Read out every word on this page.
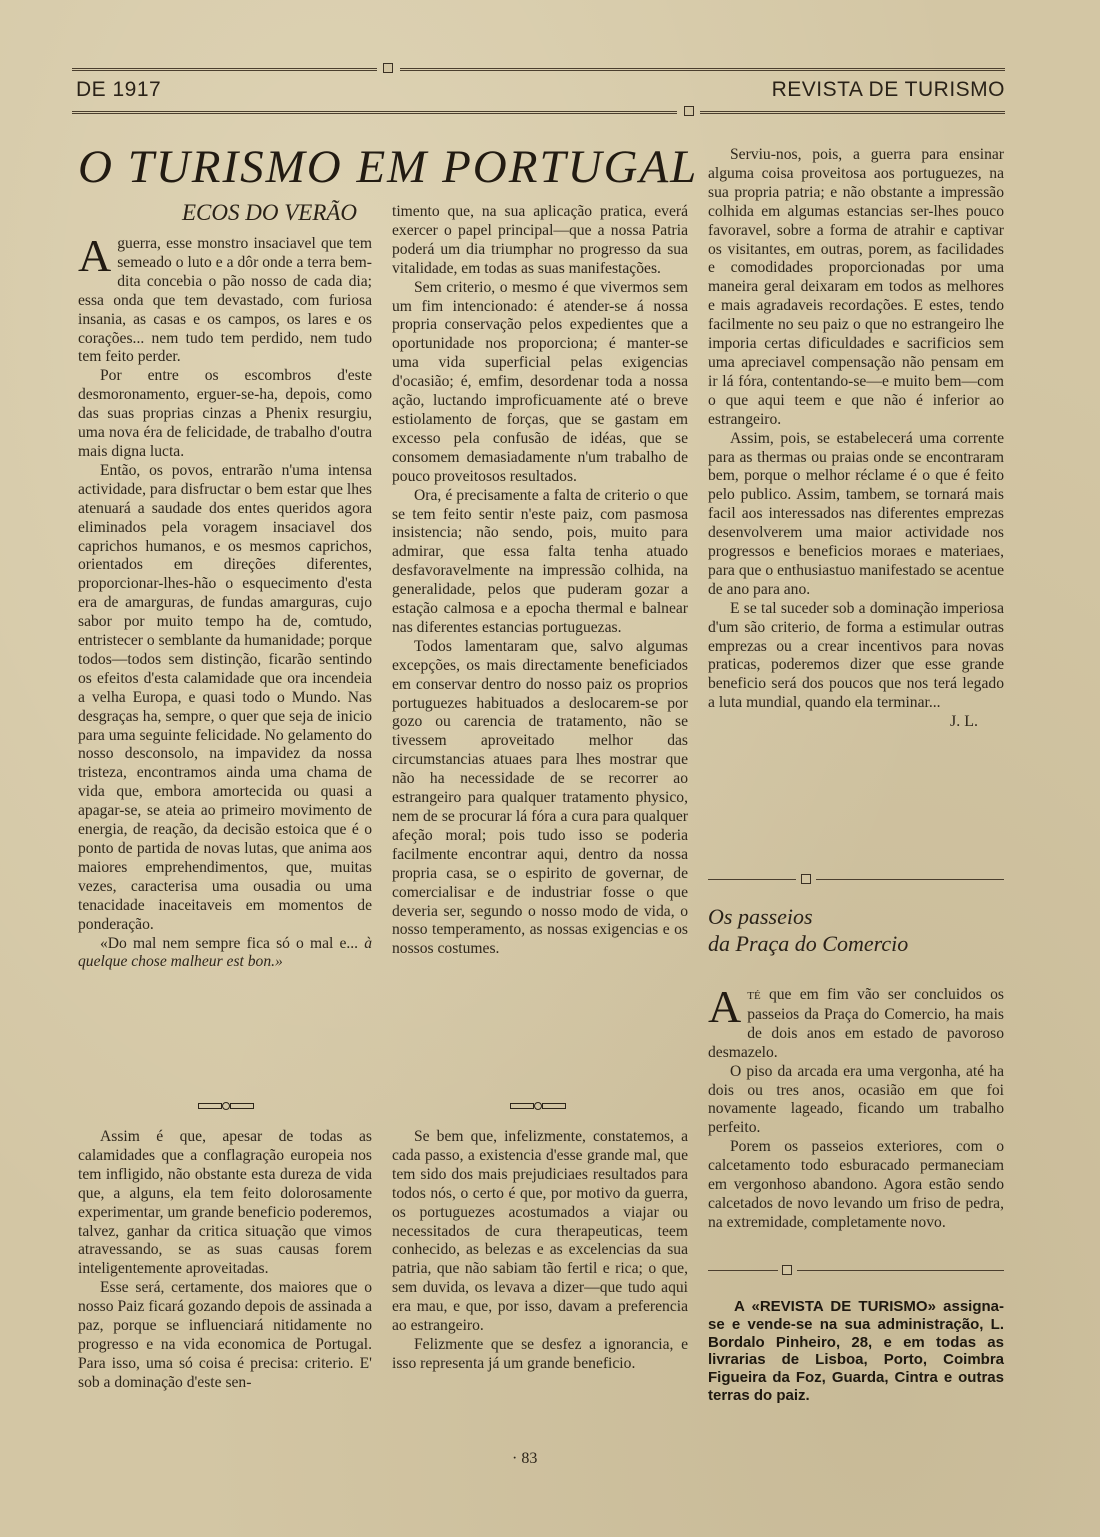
DE 1917	REVISTA DE TURISMO
O TURISMO EM PORTUGAL
ECOS DO VERÃO

Aguerra, esse monstro insaciavel que tem semeado o luto e a dôr onde a terra bem-dita concebia o pão nosso de cada dia; essa onda que tem devastado, com furiosa insania, as casas e os campos, os lares e os corações... nem tudo tem perdido, nem tudo tem feito perder.

Por entre os escombros d'este desmoronamento, erguer-se-ha, depois, como das suas proprias cinzas a Phenix resurgiu, uma nova éra de felicidade, de trabalho d'outra mais digna lucta.

Então, os povos, entrarão n'uma intensa actividade, para disfructar o bem estar que lhes atenuará a saudade dos entes queridos agora eliminados pela voragem insaciavel dos caprichos humanos, e os mesmos caprichos, orientados em direções diferentes, proporcionar-lhes-hão o esquecimento d'esta era de amarguras, de fundas amarguras, cujo sabor por muito tempo ha de, comtudo, entristecer o semblante da humanidade; porque todos—todos sem distinção, ficarão sentindo os efeitos d'esta calamidade que ora incendeia a velha Europa, e quasi todo o Mundo. Nas desgraças ha, sempre, o quer que seja de inicio para uma seguinte felicidade. No gelamento do nosso desconsolo, na impavidez da nossa tristeza, encontramos ainda uma chama de vida que, embora amortecida ou quasi a apagar-se, se ateia ao primeiro movimento de energia, de reação, da decisão estoica que é o ponto de partida de novas lutas, que anima aos maiores emprehendimentos, que, muitas vezes, caracterisa uma ousadia ou uma tenacidade inaceitaveis em momentos de ponderação.

«Do mal nem sempre fica só o mal e... à quelque chose malheur est bon.»

Assim é que, apesar de todas as calamidades que a conflagração europeia nos tem infligido, não obstante esta dureza de vida que, a alguns, ela tem feito dolorosamente experimentar, um grande beneficio poderemos, talvez, ganhar da critica situação que vimos atravessando, se as suas causas forem inteligentemente aproveitadas.

Esse será, certamente, dos maiores que o nosso Paiz ficará gozando depois de assinada a paz, porque se influenciará nitidamente no progresso e na vida economica de Portugal. Para isso, uma só coisa é precisa: criterio. E' sob a dominação d'este sen-

timento que, na sua aplicação pratica, everá exercer o papel principal—que a nossa Patria poderá um dia triumphar no progresso da sua vitalidade, em todas as suas manifestações.

Sem criterio, o mesmo é que vivermos sem um fim intencionado: é atender-se á nossa propria conservação pelos expedientes que a oportunidade nos proporciona; é manter-se uma vida superficial pelas exigencias d'ocasião; é, emfim, desordenar toda a nossa ação, luctando improficuamente até o breve estiolamento de forças, que se gastam em excesso pela confusão de idéas, que se consomem demasiadamente n'um trabalho de pouco proveitosos resultados.

Ora, é precisamente a falta de criterio o que se tem feito sentir n'este paiz, com pasmosa insistencia; não sendo, pois, muito para admirar, que essa falta tenha atuado desfavoravelmente na impressão colhida, na generalidade, pelos que puderam gozar a estação calmosa e a epocha thermal e balnear nas diferentes estancias portuguezas.

Todos lamentaram que, salvo algumas excepções, os mais directamente beneficiados em conservar dentro do nosso paiz os proprios portuguezes habituados a deslocarem-se por gozo ou carencia de tratamento, não se tivessem aproveitado melhor das circumstancias atuaes para lhes mostrar que não ha necessidade de se recorrer ao estrangeiro para qualquer tratamento physico, nem de se procurar lá fóra a cura para qualquer afeção moral; pois tudo isso se poderia facilmente encontrar aqui, dentro da nossa propria casa, se o espirito de governar, de comercialisar e de industriar fosse o que deveria ser, segundo o nosso modo de vida, o nosso temperamento, as nossas exigencias e os nossos costumes.

Se bem que, infelizmente, constatemos, a cada passo, a existencia d'esse grande mal, que tem sido dos mais prejudiciaes resultados para todos nós, o certo é que, por motivo da guerra, os portuguezes acostumados a viajar ou necessitados de cura therapeuticas, teem conhecido, as belezas e as excelencias da sua patria, que não sabiam tão fertil e rica; o que, sem duvida, os levava a dizer—que tudo aqui era mau, e que, por isso, davam a preferencia ao estrangeiro.

Felizmente que se desfez a ignorancia, e isso representa já um grande beneficio.

Serviu-nos, pois, a guerra para ensinar alguma coisa proveitosa aos portuguezes, na sua propria patria; e não obstante a impressão colhida em algumas estancias ser-lhes pouco favoravel, sobre a forma de atrahir e captivar os visitantes, em outras, porem, as facilidades e comodidades proporcionadas por uma maneira geral deixaram em todos as melhores e mais agradaveis recordações. E estes, tendo facilmente no seu paiz o que no estrangeiro lhe imporia certas dificuldades e sacrificios sem uma apreciavel compensação não pensam em ir lá fóra, contentando-se—e muito bem—com o que aqui teem e que não é inferior ao estrangeiro.

Assim, pois, se estabelecerá uma corrente para as thermas ou praias onde se encontraram bem, porque o melhor réclame é o que é feito pelo publico. Assim, tambem, se tornará mais facil aos interessados nas diferentes emprezas desenvolverem uma maior actividade nos progressos e beneficios moraes e materiaes, para que o enthusiastuo manifestado se acentue de ano para ano.

E se tal suceder sob a dominação imperiosa d'um são criterio, de forma a estimular outras emprezas ou a crear incentivos para novas praticas, poderemos dizer que esse grande beneficio será dos poucos que nos terá legado a luta mundial, quando ela terminar...

J. L.

Os passeios
da Praça do Comercio

ATÉ que em fim vão ser concluidos os passeios da Praça do Comercio, ha mais de dois anos em estado de pavoroso desmazelo.

O piso da arcada era uma vergonha, até ha dois ou tres anos, ocasião em que foi novamente lageado, ficando um trabalho perfeito.

Porem os passeios exteriores, com o calcetamento todo esburacado permaneciam em vergonhoso abandono. Agora estão sendo calcetados de novo levando um friso de pedra, na extremidade, completamente novo.

A «REVISTA DE TURISMO» assigna-se e vende-se na sua administração, L. Bordalo Pinheiro, 28, e em todas as livrarias de Lisboa, Porto, Coimbra Figueira da Foz, Guarda, Cintra e outras terras do paiz.

· 83
